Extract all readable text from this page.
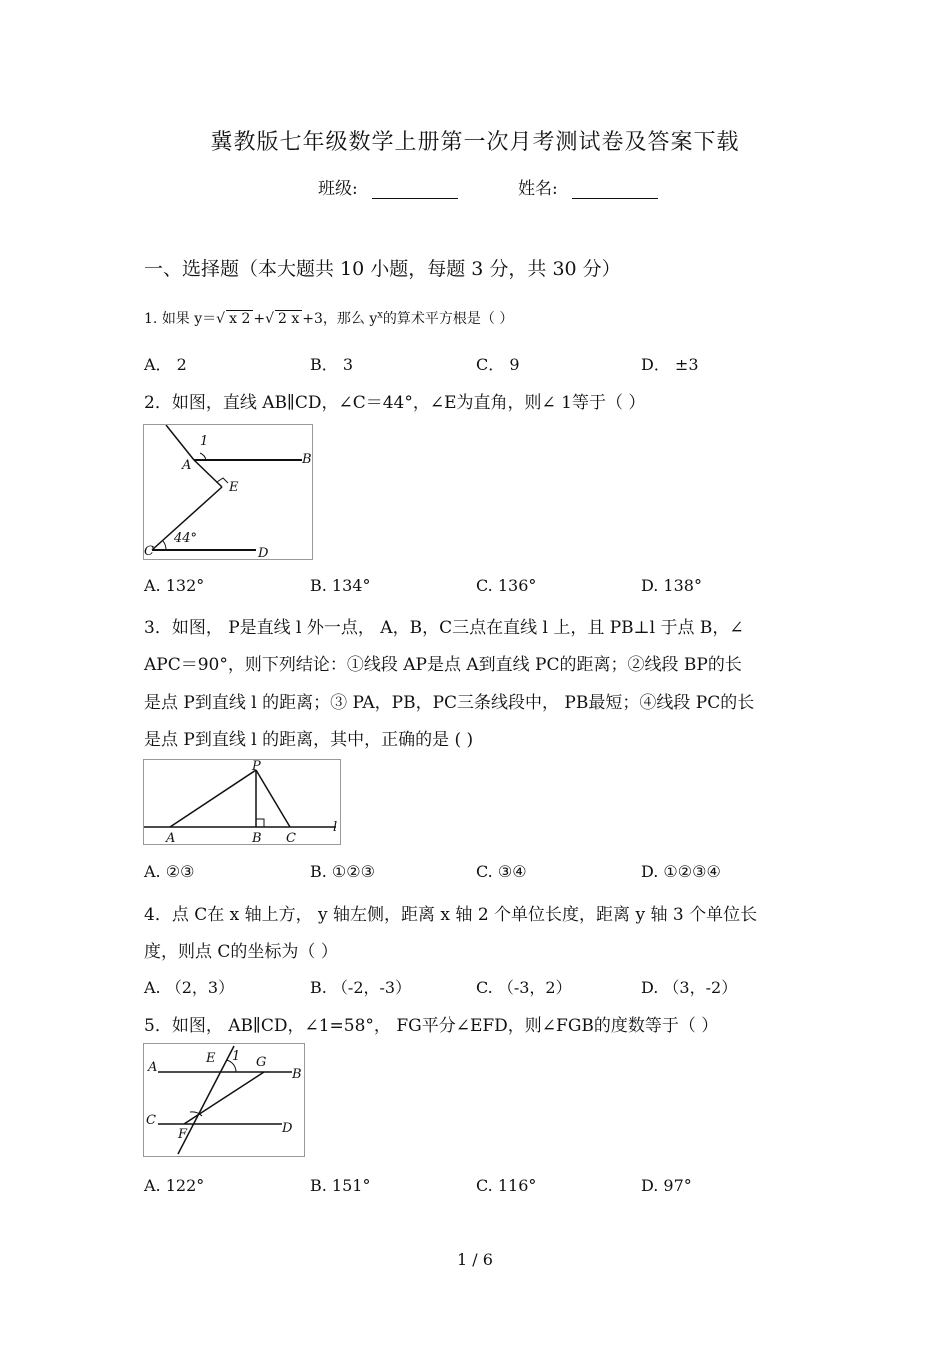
冀教版七年级数学上册第一次月考测试卷及答案下载
班级:	姓名:
一、选择题（本大题共 10 小题，每题 3 分，共 30 分）
1. 如果 y＝√ x 2 +√ 2 x +3，那么 $y^x$的算术平方根是（ ）
A． 2	B． 3	C． 9	D． ±3
2．如图，直线 AB∥CD，∠C＝44°，∠E为直角，则∠ 1等于（ ）
1
A	B
E
C	D
44°
A. 132°	B. 134°	C. 136°	D. 138°
3．如图， P是直线 l 外一点， A，B，C三点在直线 l 上，且 PB⊥l 于点 B，∠
APC＝90°，则下列结论：①线段 AP是点 A到直线 PC的距离；②线段 BP的长
是点 P到直线 l 的距离；③ PA，PB，PC三条线段中， PB最短；④线段 PC的长
是点 P到直线 l 的距离，其中，正确的是 ( )
P
A	B C
l
A. ②③	B. ①②③	C. ③④	D. ①②③④
4．点 C在 x 轴上方， y 轴左侧，距离 x 轴 2 个单位长度，距离 y 轴 3 个单位长
度，则点 C的坐标为（ ）
A. （2，3）	B. （-2，-3）	C. （-3，2）	D. （3，-2）
5．如图， AB∥CD，∠1=58°， FG平分∠EFD，则∠FGB的度数等于（ ）
A
E 1 G
B
C
F	D
A. 122°	B. 151°	C. 116°	D. 97°
1 / 6
